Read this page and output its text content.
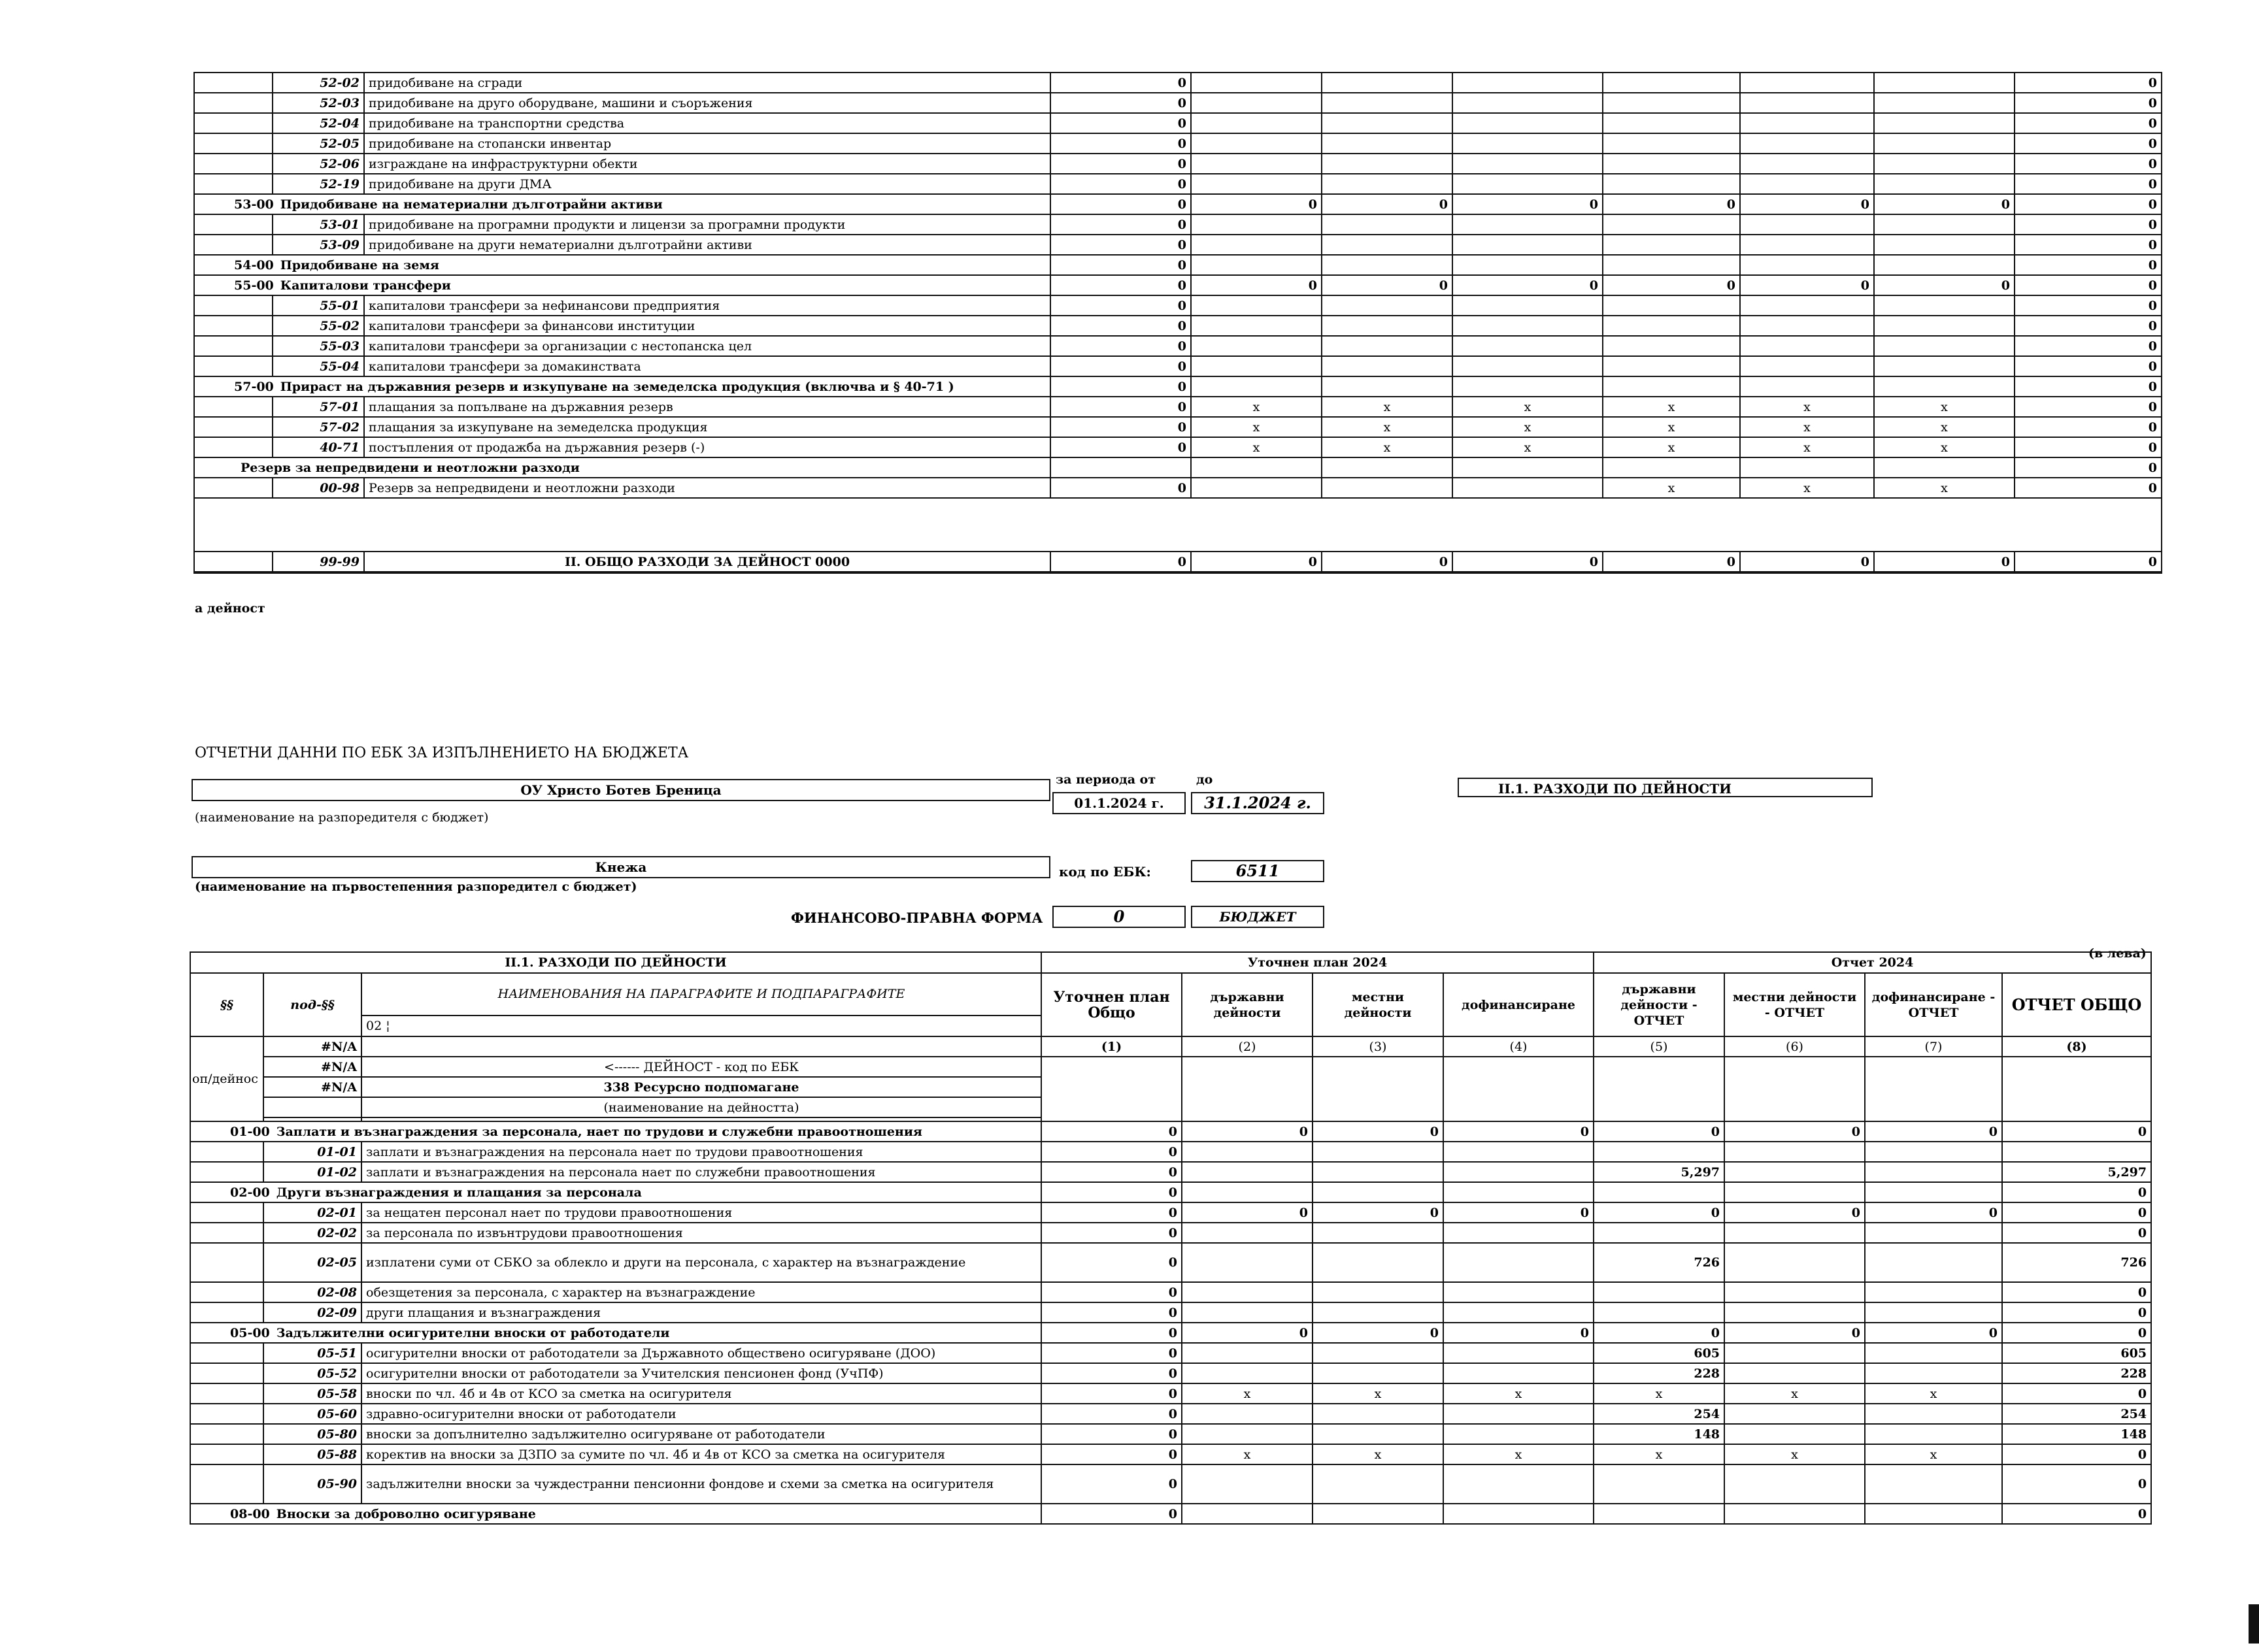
	52-02	придобиване на сгради	0							0
	52-03	придобиване на друго оборудване, машини и съоръжения	0							0
	52-04	придобиване на транспортни средства	0							0
	52-05	придобиване на стопански инвентар	0							0
	52-06	изграждане на инфраструктурни обекти	0							0
	52-19	придобиване на други ДМА	0							0
53-00 Придобиване на нематериални дълготрайни активи			0	0	0	0	0	0	0	0
	53-01	придобиване на програмни продукти и лицензи за програмни продукти	0							0
	53-09	придобиване на други нематериални дълготрайни активи	0							0
54-00 Придобиване на земя			0							0
55-00 Капиталови трансфери			0	0	0	0	0	0	0	0
	55-01	капиталови трансфери за нефинансови предприятия	0							0
	55-02	капиталови трансфери за финансови институции	0							0
	55-03	капиталови трансфери за организации с нестопанска цел	0							0
	55-04	капиталови трансфери за домакинствата	0							0
57-00 Прираст на държавния резерв и изкупуване на земеделска продукция (включва и § 40-71 )			0							0
	57-01	плащания за попълване на държавния резерв	0	x	x	x	x	x	x	0
	57-02	плащания за изкупуване на земеделска продукция	0	x	x	x	x	x	x	0
	40-71	постъпления от продажба на държавния резерв (-)	0	x	x	x	x	x	x	0
Резерв за непредвидени и неотложни разходи										0
	00-98	Резерв за непредвидени и неотложни разходи	0				x	x	x	0

	99-99	II. ОБЩО РАЗХОДИ ЗА ДЕЙНОСТ 0000	0	0	0	0	0	0	0	0
а дейност
ОТЧЕТНИ ДАННИ ПО ЕБК ЗА ИЗПЪЛНЕНИЕТО НА БЮДЖЕТА
за периода от	до
ОУ Христо Ботев Бреница
01.1.2024 г.	31.1.2024 г.
II.1. РАЗХОДИ ПО ДЕЙНОСТИ
(наименование на разпоредителя с бюджет)
Кнежа
(наименование на първостепенния разпоредител с бюджет)
код по ЕБК:	6511
ФИНАНСОВО-ПРАВНА ФОРМА	0	БЮДЖЕТ
(в лева)
II.1. РАЗХОДИ ПО ДЕЙНОСТИ			Уточнен план 2024				Отчет 2024			
§§	под-§§	НАИМЕНОВАНИЯ НА ПАРАГРАФИТЕ И ПОДПАРАГРАФИТЕ	Уточнен план Общо	държавни дейности	местни дейности	дофинансиране	държавни дейности - ОТЧЕТ	местни дейности - ОТЧЕТ	дофинансиране - ОТЧЕТ	ОТЧЕТ ОБЩО
		02 ¦								
оп/дейнос	#N/A		(1)	(2)	(3)	(4)	(5)	(6)	(7)	(8)
	#N/A	<------ ДЕЙНОСТ - код по ЕБК								
	#N/A	338 Ресурсно подпомагане								
		(наименование на дейността)								

01-00 Заплати и възнаграждения за персонала, нает по трудови и служебни правоотношения			0	0	0	0	0	0	0	0
	01-01	заплати и възнаграждения на персонала нает по трудови правоотношения	0							
	01-02	заплати и възнаграждения на персонала нает по служебни правоотношения	0				5,297			5,297
02-00 Други възнаграждения и плащания за персонала			0							0
	02-01	за нещатен персонал нает по трудови правоотношения	0	0	0	0	0	0	0	0
	02-02	за персонала по извънтрудови правоотношения	0							0
	02-05	изплатени суми от СБКО за облекло и други на персонала, с характер на възнаграждение	0				726			726
	02-08	обезщетения за персонала, с характер на възнаграждение	0							0
	02-09	други плащания и възнаграждения	0							0
05-00 Задължителни осигурителни вноски от работодатели			0	0	0	0	0	0	0	0
	05-51	осигурителни вноски от работодатели за Държавното обществено осигуряване (ДОО)	0				605			605
	05-52	осигурителни вноски от работодатели за Учителския пенсионен фонд (УчПФ)	0				228			228
	05-58	вноски по чл. 4б и 4в от КСО за сметка на осигурителя	0	x	x	x	x	x	x	0
	05-60	здравно-осигурителни вноски от работодатели	0				254			254
	05-80	вноски за допълнително задължително осигуряване от работодатели	0				148			148
	05-88	коректив на вноски за ДЗПО за сумите по чл. 4б и 4в от КСО за сметка на осигурителя	0	x	x	x	x	x	x	0
	05-90	задължителни вноски за чуждестранни пенсионни фондове и схеми за сметка на осигурителя	0							0
08-00 Вноски за доброволно осигуряване			0							0
